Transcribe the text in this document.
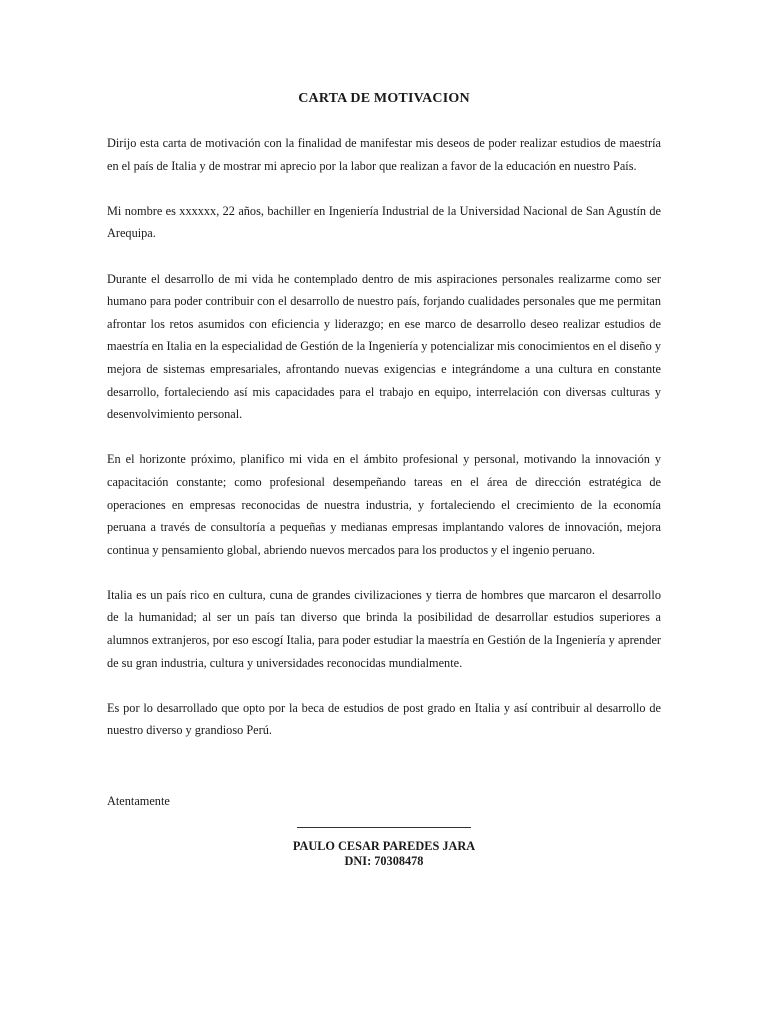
CARTA DE MOTIVACION

Dirijo esta carta de motivación con la finalidad de manifestar mis deseos de poder realizar estudios de maestría en el país de Italia y de mostrar mi aprecio por la labor que realizan a favor de la educación en nuestro País.

Mi nombre es xxxxxx, 22 años, bachiller en Ingeniería Industrial de la Universidad Nacional de San Agustín de Arequipa.

Durante el desarrollo de mi vida he contemplado dentro de mis aspiraciones personales realizarme como ser humano para poder contribuir con el desarrollo de nuestro país, forjando cualidades personales que me permitan afrontar los retos asumidos con eficiencia y liderazgo; en ese marco de desarrollo deseo realizar estudios de maestría en Italia en la especialidad de Gestión de la Ingeniería y potencializar mis conocimientos en el diseño y mejora de sistemas empresariales, afrontando nuevas exigencias e integrándome a una cultura en constante desarrollo, fortaleciendo así mis capacidades para el trabajo en equipo, interrelación con diversas culturas y desenvolvimiento personal.

En el horizonte próximo, planifico mi vida en el ámbito profesional y personal, motivando la innovación y capacitación constante; como profesional desempeñando tareas en el área de dirección estratégica de operaciones en empresas reconocidas de nuestra industria, y fortaleciendo el crecimiento de la economía peruana a través de consultoría a pequeñas y medianas empresas implantando valores de innovación, mejora continua y pensamiento global, abriendo nuevos mercados para los productos y el ingenio peruano.

Italia es un país rico en cultura, cuna de grandes civilizaciones y tierra de hombres que marcaron el desarrollo de la humanidad; al ser un país tan diverso que brinda la posibilidad de desarrollar estudios superiores a alumnos extranjeros, por eso escogí Italia, para poder estudiar la maestría en Gestión de la Ingeniería y aprender de su gran industria, cultura y universidades reconocidas mundialmente.

Es por lo desarrollado que opto por la beca de estudios de post grado en Italia y así contribuir al desarrollo de nuestro diverso y grandioso Perú.

Atentamente
PAULO CESAR PAREDES JARA
DNI: 70308478
